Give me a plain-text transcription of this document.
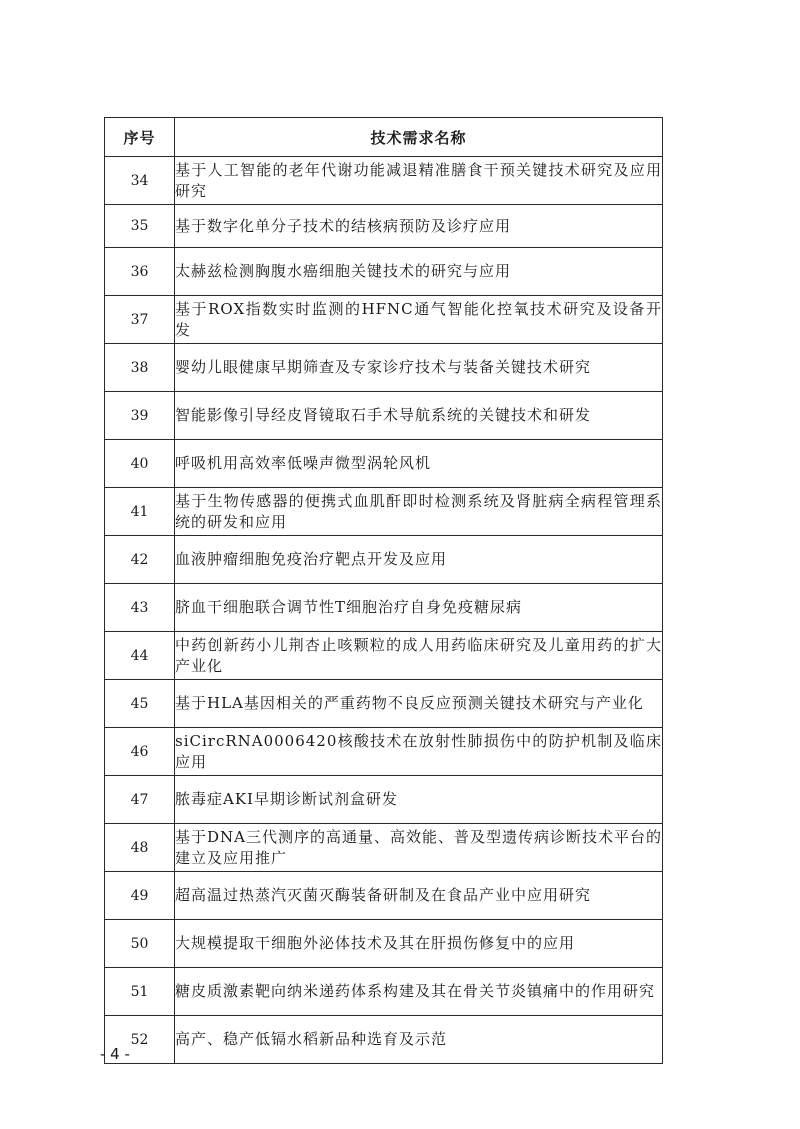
序号	技术需求名称
34	基于人工智能的老年代谢功能减退精准膳食干预关键技术研究及应用研究
35	基于数字化单分子技术的结核病预防及诊疗应用
36	太赫兹检测胸腹水癌细胞关键技术的研究与应用
37	基于ROX指数实时监测的HFNC通气智能化控氧技术研究及设备开发
38	婴幼儿眼健康早期筛查及专家诊疗技术与装备关键技术研究
39	智能影像引导经皮肾镜取石手术导航系统的关键技术和研发
40	呼吸机用高效率低噪声微型涡轮风机
41	基于生物传感器的便携式血肌酐即时检测系统及肾脏病全病程管理系统的研发和应用
42	血液肿瘤细胞免疫治疗靶点开发及应用
43	脐血干细胞联合调节性T细胞治疗自身免疫糖尿病
44	中药创新药小儿荆杏止咳颗粒的成人用药临床研究及儿童用药的扩大产业化
45	基于HLA基因相关的严重药物不良反应预测关键技术研究与产业化
46	siCircRNA0006420核酸技术在放射性肺损伤中的防护机制及临床应用
47	脓毒症AKI早期诊断试剂盒研发
48	基于DNA三代测序的高通量、高效能、普及型遗传病诊断技术平台的建立及应用推广
49	超高温过热蒸汽灭菌灭酶装备研制及在食品产业中应用研究
50	大规模提取干细胞外泌体技术及其在肝损伤修复中的应用
51	糖皮质激素靶向纳米递药体系构建及其在骨关节炎镇痛中的作用研究
52	高产、稳产低镉水稻新品种选育及示范
- 4 -
